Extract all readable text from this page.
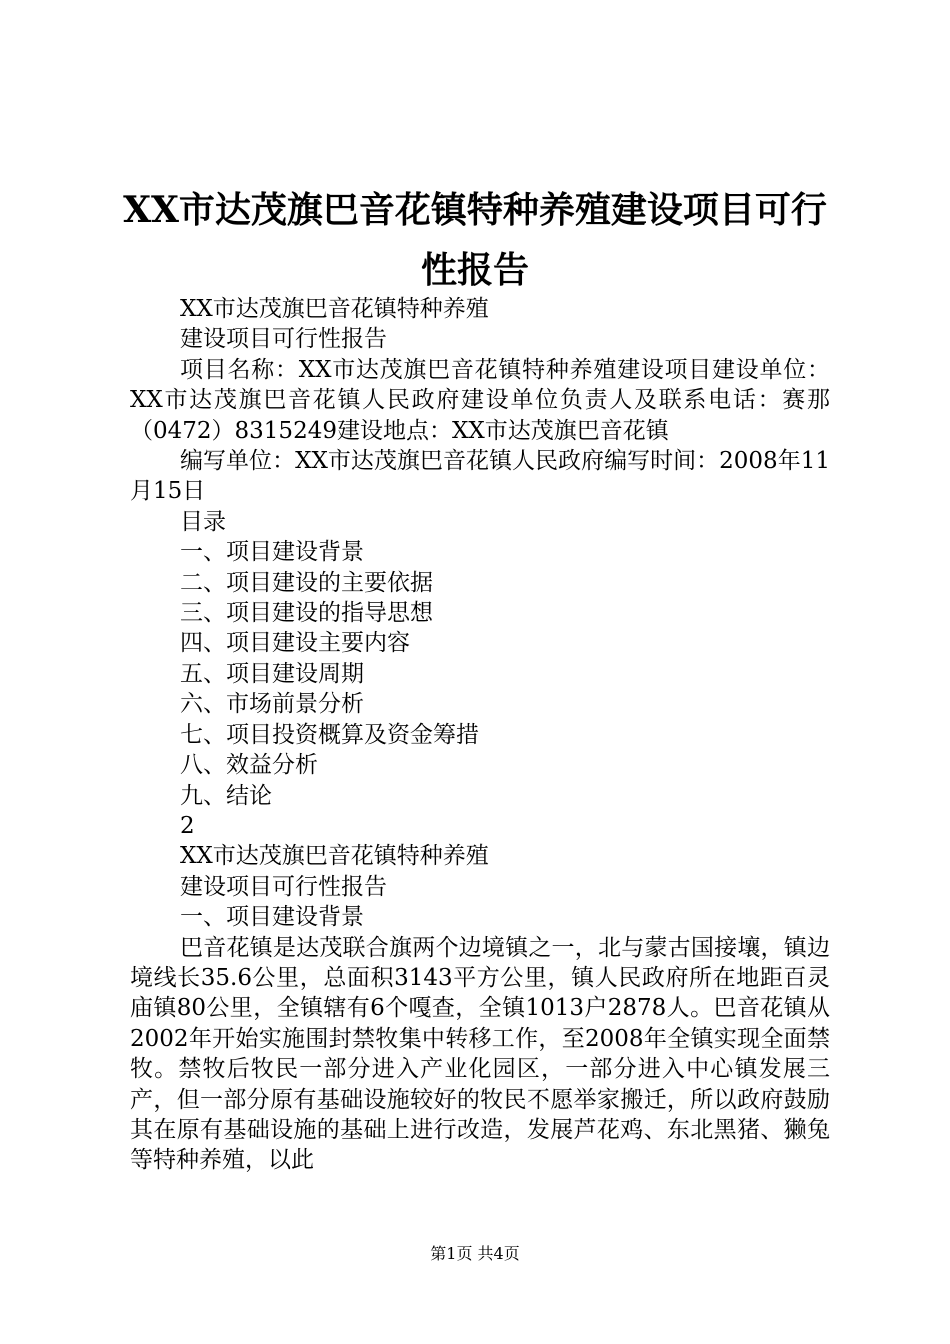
XX市达茂旗巴音花镇特种养殖建设项目可行性报告

XX市达茂旗巴音花镇特种养殖

建设项目可行性报告

项目名称：XX市达茂旗巴音花镇特种养殖建设项目建设单位：XX市达茂旗巴音花镇人民政府建设单位负责人及联系电话：赛那（0472）8315249建设地点：XX市达茂旗巴音花镇

编写单位：XX市达茂旗巴音花镇人民政府编写时间：2008年11月15日

目录

一、项目建设背景

二、项目建设的主要依据

三、项目建设的指导思想

四、项目建设主要内容

五、项目建设周期

六、市场前景分析

七、项目投资概算及资金筹措

八、效益分析

九、结论

2

XX市达茂旗巴音花镇特种养殖

建设项目可行性报告

一、项目建设背景

巴音花镇是达茂联合旗两个边境镇之一，北与蒙古国接壤，镇边境线长35.6公里，总面积3143平方公里，镇人民政府所在地距百灵庙镇80公里，全镇辖有6个嘎查，全镇1013户2878人。巴音花镇从2002年开始实施围封禁牧集中转移工作，至2008年全镇实现全面禁牧。禁牧后牧民一部分进入产业化园区，一部分进入中心镇发展三产，但一部分原有基础设施较好的牧民不愿举家搬迁，所以政府鼓励其在原有基础设施的基础上进行改造，发展芦花鸡、东北黑猪、獭兔等特种养殖，以此

第1页 共4页
